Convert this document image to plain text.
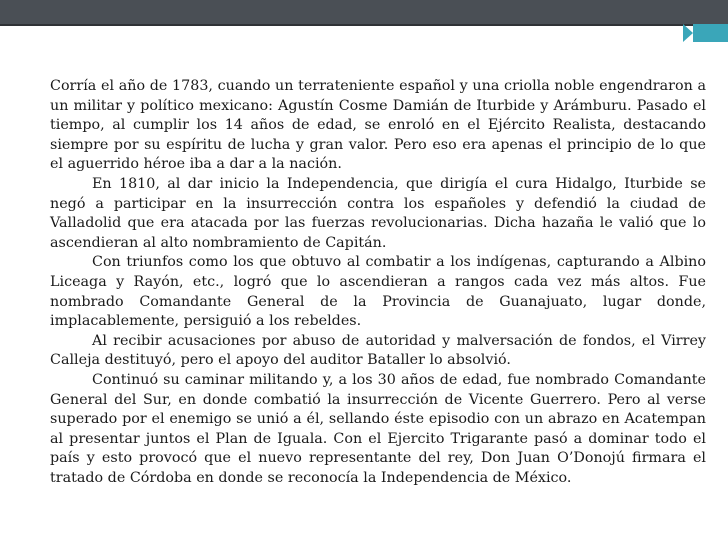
Corría el año de 1783, cuando un terrateniente español y una criolla noble engendraron a un militar y político mexicano: Agustín Cosme Damián de Iturbide y Arámburu. Pasado el tiempo, al cumplir los 14 años de edad, se enroló en el Ejército Realista, destacando siempre por su espíritu de lucha y gran valor. Pero eso era apenas el principio de lo que el aguerrido héroe iba a dar a la nación.

En 1810, al dar inicio la Independencia, que dirigía el cura Hidalgo, Iturbide se negó a participar en la insurrección contra los españoles y defendió la ciudad de Valladolid que era atacada por las fuerzas revolucionarias. Dicha hazaña le valió que lo ascendieran al alto nombramiento de Capitán.

Con triunfos como los que obtuvo al combatir a los indígenas, capturando a Albino Liceaga y Rayón, etc., logró que lo ascendieran a rangos cada vez más altos. Fue nombrado Comandante General de la Provincia de Guanajuato, lugar donde, implacablemente, persiguió a los rebeldes.

Al recibir acusaciones por abuso de autoridad y malversación de fondos, el Virrey Calleja destituyó, pero el apoyo del auditor Bataller lo absolvió.

Continuó su caminar militando y, a los 30 años de edad, fue nombrado Comandante General del Sur, en donde combatió la insurrección de Vicente Guerrero. Pero al verse superado por el enemigo se unió a él, sellando éste episodio con un abrazo en Acatempan al presentar juntos el Plan de Iguala. Con el Ejercito Trigarante pasó a dominar todo el país y esto provocó que el nuevo representante del rey, Don Juan O’Donojú firmara el tratado de Córdoba en donde se reconocía la Independencia de México.
